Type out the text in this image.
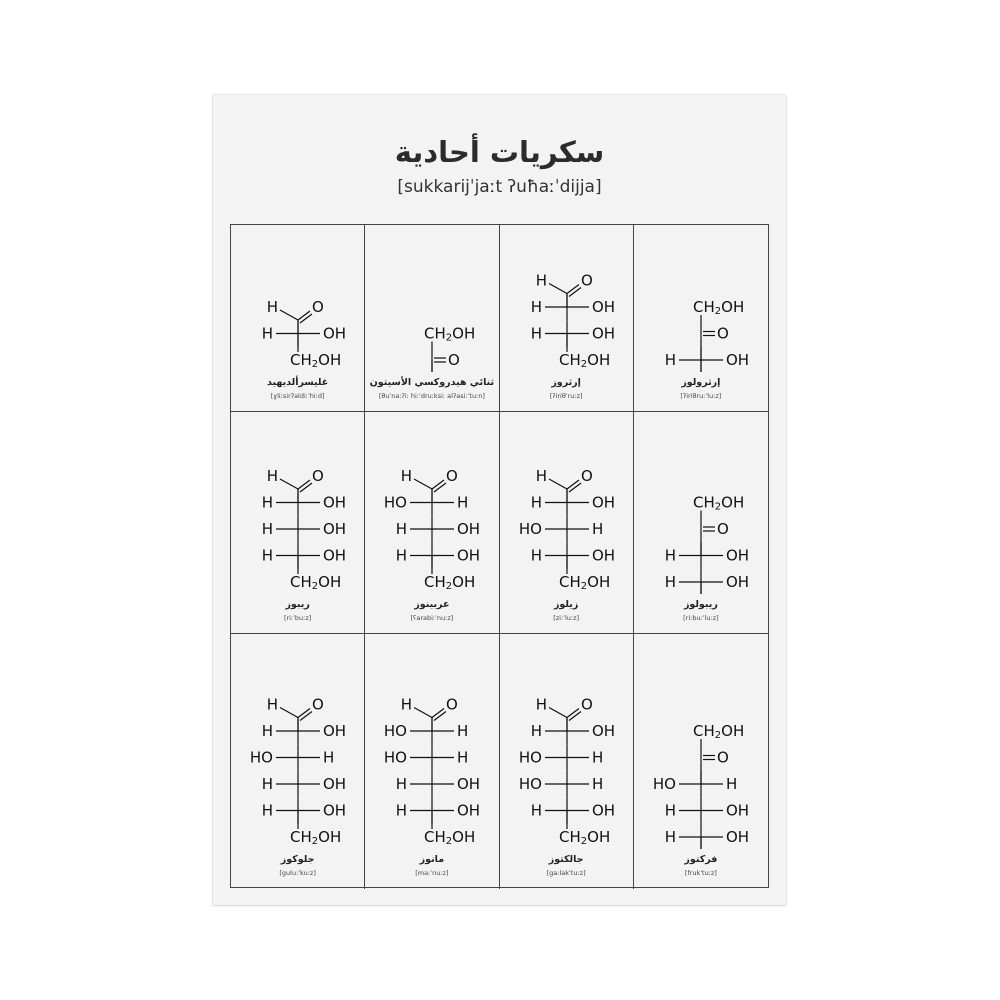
سكريات أحادية
[sukkarijˈjaːt ʔuħaːˈdijja]
H O
H	OH
$CH_2OH$
غليسرألديهيد
[ɣliːsirʔaldiːˈhiːd]
$CH_2OH$
O
ثنائي هيدروكسي الأسيتون
[θuˈnaːʔiː hiːˈdruːksiː alʔasiːˈtuːn]
H O
H	OH
H	OH
$CH_2OH$
إرثروز
[ʔiriθˈruːz]
$CH_2OH$
O
H	OH
إرثرولوز
[ʔiriθruːˈluːz]
H O
H	OH
H	OH
H	OH
$CH_2OH$
ريبوز
[riːˈbuːz]
H O
HO	H
H	OH
H	OH
$CH_2OH$
عربينوز
[ʕarabiːˈnuːz]
H O
H	OH
HO	H
H	OH
$CH_2OH$
زيلوز
[ziːˈluːz]
$CH_2OH$
O
H	OH
H	OH
ريبولوز
[riːbuːˈluːz]
H O
H	OH
HO	H
H	OH
H	OH
$CH_2OH$
جلوكوز
[gulu:ˈku:z]
H O
HO	H
HO	H
H	OH
H	OH
$CH_2OH$
مانوز
[maːˈnuːz]
H O
H	OH
HO	H
HO	H
H	OH
$CH_2OH$
جالكتوز
[gaːlakˈtuːz]
$CH_2OH$
O
HO	H
H	OH
H	OH
فركتوز
[frukˈtuːz]
